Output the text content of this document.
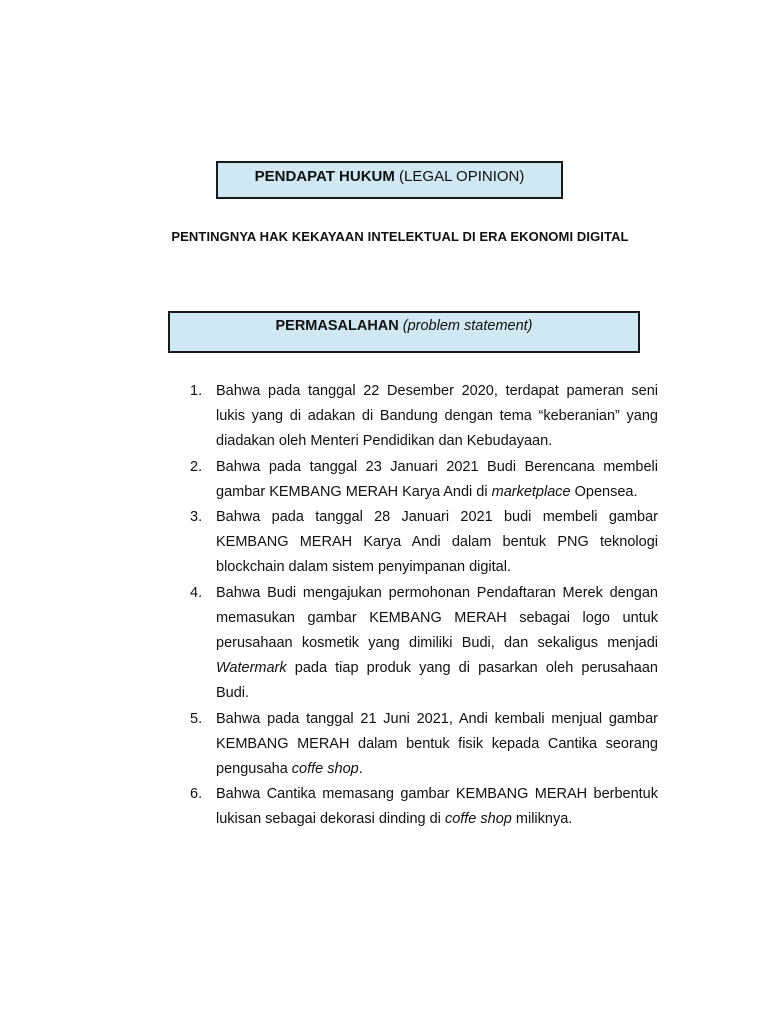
PENDAPAT HUKUM (LEGAL OPINION)
PENTINGNYA HAK KEKAYAAN INTELEKTUAL DI ERA EKONOMI DIGITAL
PERMASALAHAN (problem statement)
1. Bahwa pada tanggal 22 Desember 2020, terdapat pameran seni lukis yang di adakan di Bandung dengan tema “keberanian” yang diadakan oleh Menteri Pendidikan dan Kebudayaan.
2. Bahwa pada tanggal 23 Januari 2021 Budi Berencana membeli gambar KEMBANG MERAH Karya Andi di marketplace Opensea.
3. Bahwa pada tanggal 28 Januari 2021 budi membeli gambar KEMBANG MERAH Karya Andi dalam bentuk PNG teknologi blockchain dalam sistem penyimpanan digital.
4. Bahwa Budi mengajukan permohonan Pendaftaran Merek dengan memasukan gambar KEMBANG MERAH sebagai logo untuk perusahaan kosmetik yang dimiliki Budi, dan sekaligus menjadi Watermark pada tiap produk yang di pasarkan oleh perusahaan Budi.
5. Bahwa pada tanggal 21 Juni 2021, Andi kembali menjual gambar KEMBANG MERAH dalam bentuk fisik kepada Cantika seorang pengusaha coffe shop.
6. Bahwa Cantika memasang gambar KEMBANG MERAH berbentuk lukisan sebagai dekorasi dinding di coffe shop miliknya.
